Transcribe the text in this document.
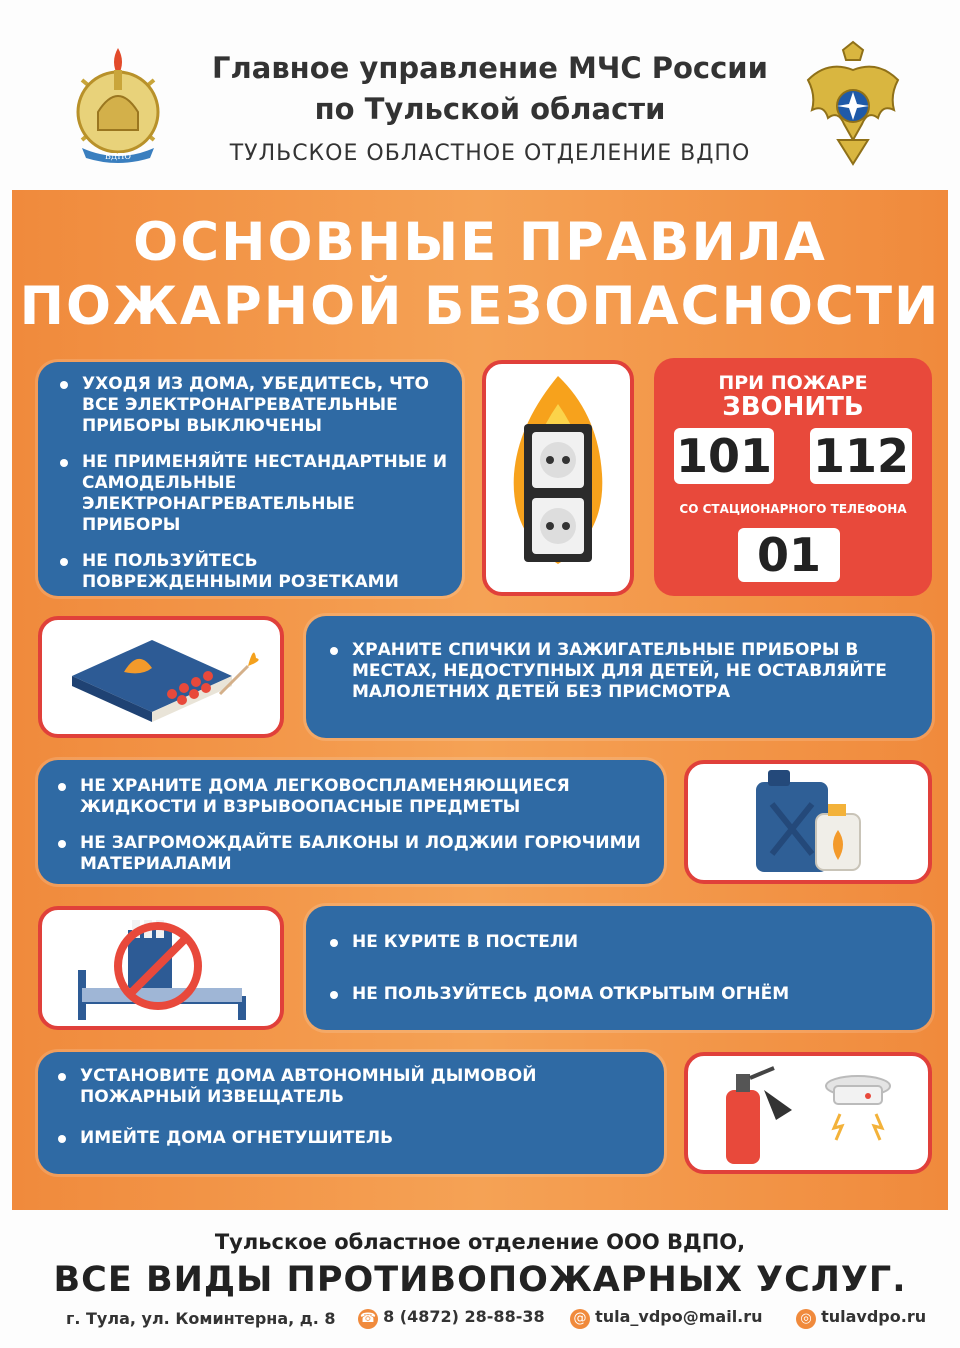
ВДПО
Главное управление МЧС России
по Тульской области
ТУЛЬСКОЕ ОБЛАСТНОЕ ОТДЕЛЕНИЕ ВДПО
ОСНОВНЫЕ ПРАВИЛА
ПОЖАРНОЙ БЕЗОПАСНОСТИ
УХОДЯ ИЗ ДОМА, УБЕДИТЕСЬ, ЧТО ВСЕ ЭЛЕКТРОНАГРЕВАТЕЛЬНЫЕ ПРИБОРЫ ВЫКЛЮЧЕНЫ
НЕ ПРИМЕНЯЙТЕ НЕСТАНДАРТНЫЕ И САМОДЕЛЬНЫЕ ЭЛЕКТРОНАГРЕВАТЕЛЬНЫЕ ПРИБОРЫ
НЕ ПОЛЬЗУЙТЕСЬ ПОВРЕЖДЕННЫМИ РОЗЕТКАМИ
ПРИ ПОЖАРЕ
ЗВОНИТЬ
101 112
СО СТАЦИОНАРНОГО ТЕЛЕФОНА
01
ХРАНИТЕ СПИЧКИ И ЗАЖИГАТЕЛЬНЫЕ ПРИБОРЫ В МЕСТАХ, НЕДОСТУПНЫХ ДЛЯ ДЕТЕЙ, НЕ ОСТАВЛЯЙТЕ МАЛОЛЕТНИХ ДЕТЕЙ БЕЗ ПРИСМОТРА
НЕ ХРАНИТЕ ДОМА ЛЕГКОВОСПЛАМЕНЯЮЩИЕСЯ ЖИДКОСТИ И ВЗРЫВООПАСНЫЕ ПРЕДМЕТЫ
НЕ ЗАГРОМОЖДАЙТЕ БАЛКОНЫ И ЛОДЖИИ ГОРЮЧИМИ МАТЕРИАЛАМИ
НЕ КУРИТЕ В ПОСТЕЛИ
НЕ ПОЛЬЗУЙТЕСЬ ДОМА ОТКРЫТЫМ ОГНЁМ
УСТАНОВИТЕ ДОМА АВТОНОМНЫЙ ДЫМОВОЙ ПОЖАРНЫЙ ИЗВЕЩАТЕЛЬ
ИМЕЙТЕ ДОМА ОГНЕТУШИТЕЛЬ
Тульское областное отделение ООО ВДПО,
ВСЕ ВИДЫ ПРОТИВОПОЖАРНЫХ УСЛУГ.
г. Тула, ул. Коминтерна, д. 8 ☎ 8 (4872) 28-88-38 @ tula_vdpo@mail.ru	◎ tulavdpo.ru
